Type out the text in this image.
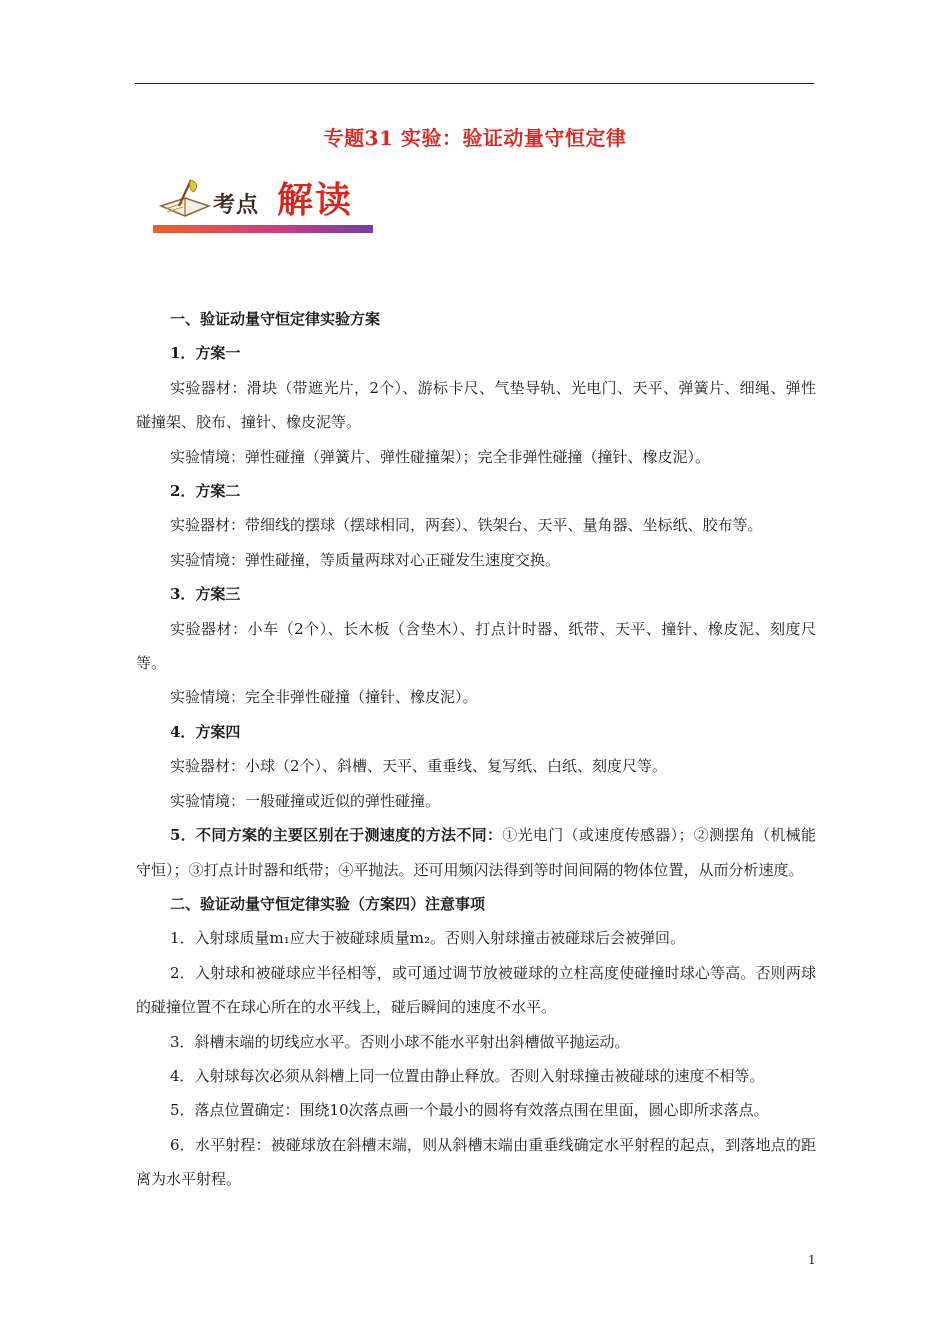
专题31 实验：验证动量守恒定律
考点 解读

一、验证动量守恒定律实验方案

1．方案一

实验器材：滑块（带遮光片，2个）、游标卡尺、气垫导轨、光电门、天平、弹簧片、细绳、弹性碰撞架、胶布、撞针、橡皮泥等。

实验情境：弹性碰撞（弹簧片、弹性碰撞架）；完全非弹性碰撞（撞针、橡皮泥）。

2．方案二

实验器材：带细线的摆球（摆球相同，两套）、铁架台、天平、量角器、坐标纸、胶布等。

实验情境：弹性碰撞，等质量两球对心正碰发生速度交换。

3．方案三

实验器材：小车（2个）、长木板（含垫木）、打点计时器、纸带、天平、撞针、橡皮泥、刻度尺等。

实验情境：完全非弹性碰撞（撞针、橡皮泥）。

4．方案四

实验器材：小球（2个）、斜槽、天平、重垂线、复写纸、白纸、刻度尺等。

实验情境：一般碰撞或近似的弹性碰撞。

5．不同方案的主要区别在于测速度的方法不同：①光电门（或速度传感器）；②测摆角（机械能守恒）；③打点计时器和纸带；④平抛法。还可用频闪法得到等时间间隔的物体位置，从而分析速度。

二、验证动量守恒定律实验（方案四）注意事项

1．入射球质量m₁应大于被碰球质量m₂。否则入射球撞击被碰球后会被弹回。

2．入射球和被碰球应半径相等，或可通过调节放被碰球的立柱高度使碰撞时球心等高。否则两球的碰撞位置不在球心所在的水平线上，碰后瞬间的速度不水平。

3．斜槽末端的切线应水平。否则小球不能水平射出斜槽做平抛运动。

4．入射球每次必须从斜槽上同一位置由静止释放。否则入射球撞击被碰球的速度不相等。

5．落点位置确定：围绕10次落点画一个最小的圆将有效落点围在里面，圆心即所求落点。

6．水平射程：被碰球放在斜槽末端，则从斜槽末端由重垂线确定水平射程的起点，到落地点的距离为水平射程。

1
